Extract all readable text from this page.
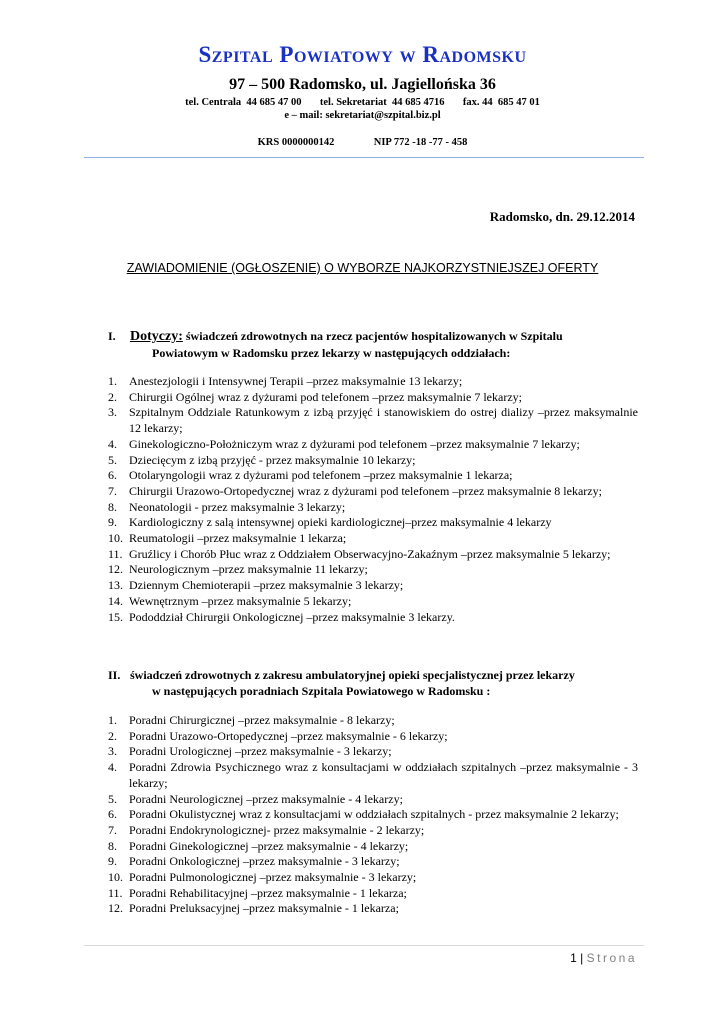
Szpital Powiatowy w Radomsku
97 – 500 Radomsko, ul. Jagiellońska 36
tel. Centrala  44 685 47 00       tel. Sekretariat  44 685 4716       fax. 44  685 47 01
e – mail: sekretariat@szpital.biz.pl
KRS 0000000142               NIP 772 -18 -77 - 458
Radomsko, dn. 29.12.2014
ZAWIADOMIENIE (OGŁOSZENIE) O WYBORZE NAJKORZYSTNIEJSZEJ OFERTY
I. Dotyczy: świadczeń zdrowotnych na rzecz pacjentów hospitalizowanych w Szpitalu
Powiatowym w Radomsku przez lekarzy w następujących oddziałach:
1. Anestezjologii i Intensywnej Terapii –przez maksymalnie 13 lekarzy;
2. Chirurgii Ogólnej wraz z dyżurami pod telefonem –przez maksymalnie 7 lekarzy;
3. Szpitalnym Oddziale Ratunkowym z izbą przyjęć i stanowiskiem do ostrej dializy –przez maksymalnie 12 lekarzy;
4. Ginekologiczno-Położniczym wraz z dyżurami pod telefonem –przez maksymalnie 7 lekarzy;
5. Dziecięcym z izbą przyjęć - przez maksymalnie 10 lekarzy;
6. Otolaryngologii wraz z dyżurami pod telefonem –przez maksymalnie 1 lekarza;
7. Chirurgii Urazowo-Ortopedycznej wraz z dyżurami pod telefonem –przez maksymalnie 8 lekarzy;
8. Neonatologii - przez maksymalnie 3 lekarzy;
9. Kardiologiczny z salą intensywnej opieki kardiologicznej–przez maksymalnie 4 lekarzy
10. Reumatologii –przez maksymalnie 1 lekarza;
11. Gruźlicy i Chorób Płuc wraz z Oddziałem Obserwacyjno-Zakaźnym –przez maksymalnie 5 lekarzy;
12. Neurologicznym –przez maksymalnie 11 lekarzy;
13. Dziennym Chemioterapii –przez maksymalnie 3 lekarzy;
14. Wewnętrznym –przez maksymalnie 5 lekarzy;
15. Pododdział Chirurgii Onkologicznej –przez maksymalnie 3 lekarzy.
II. świadczeń zdrowotnych z zakresu ambulatoryjnej opieki specjalistycznej przez lekarzy
w następujących poradniach Szpitala Powiatowego w Radomsku :
1. Poradni Chirurgicznej –przez maksymalnie - 8 lekarzy;
2. Poradni Urazowo-Ortopedycznej –przez maksymalnie - 6 lekarzy;
3. Poradni Urologicznej –przez maksymalnie - 3 lekarzy;
4. Poradni Zdrowia Psychicznego wraz z konsultacjami w oddziałach szpitalnych –przez maksymalnie - 3 lekarzy;
5. Poradni Neurologicznej –przez maksymalnie - 4 lekarzy;
6. Poradni Okulistycznej wraz z konsultacjami w oddziałach szpitalnych - przez maksymalnie 2 lekarzy;
7. Poradni Endokrynologicznej- przez maksymalnie - 2 lekarzy;
8. Poradni Ginekologicznej –przez maksymalnie - 4 lekarzy;
9. Poradni Onkologicznej –przez maksymalnie - 3 lekarzy;
10. Poradni Pulmonologicznej –przez maksymalnie - 3 lekarzy;
11. Poradni Rehabilitacyjnej –przez maksymalnie - 1 lekarza;
12. Poradni Preluksacyjnej –przez maksymalnie - 1 lekarza;
1 | Strona
